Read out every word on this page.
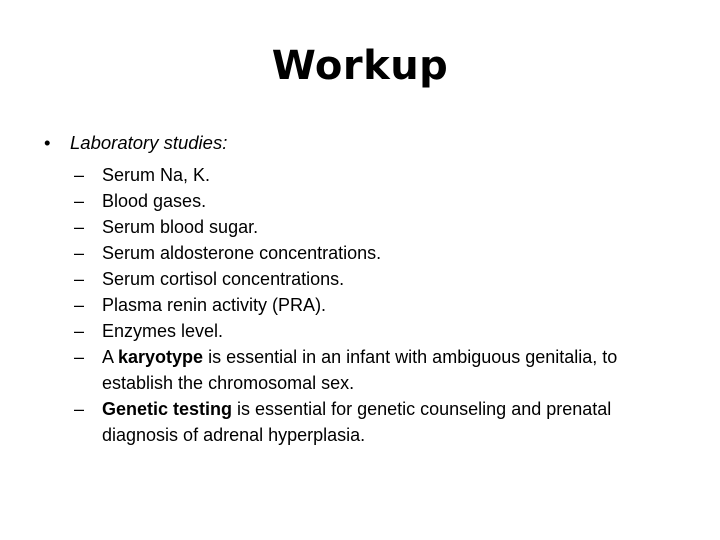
Workup
• Laboratory studies:
– Serum Na, K.
– Blood gases.
– Serum blood sugar.
– Serum aldosterone concentrations.
– Serum cortisol concentrations.
– Plasma renin activity (PRA).
– Enzymes level.
– A karyotype is essential in an infant with ambiguous genitalia, to establish the chromosomal sex.
– Genetic testing is essential for genetic counseling and prenatal diagnosis of adrenal hyperplasia.
